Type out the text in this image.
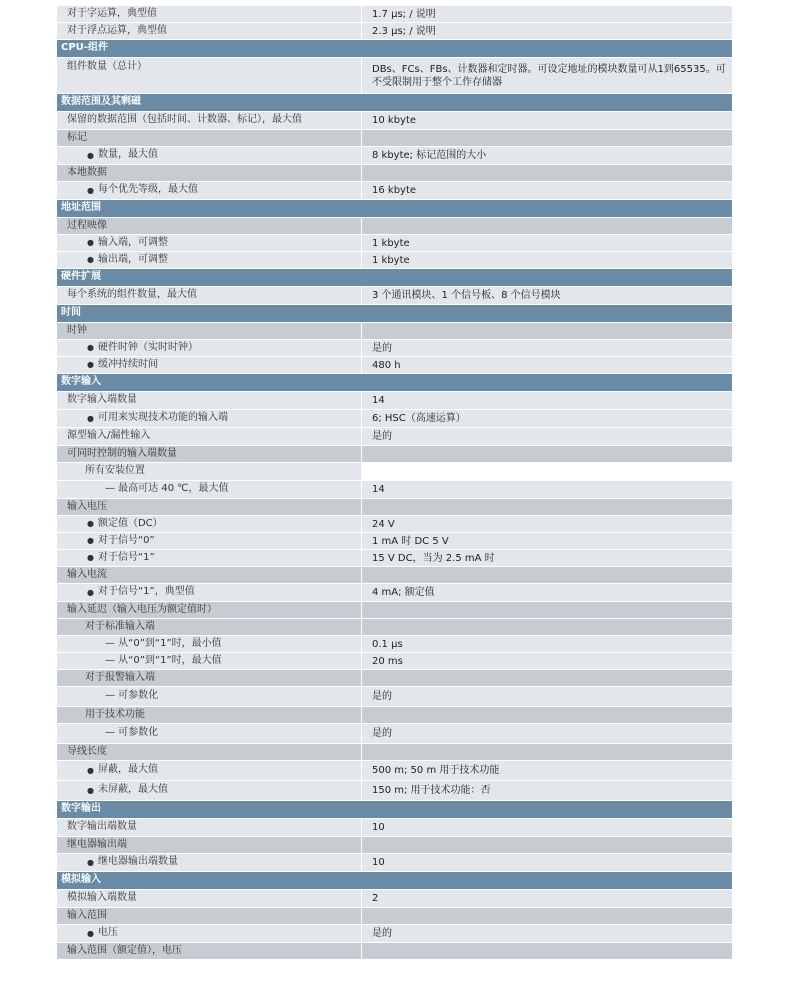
对于字运算，典型值	1.7 µs; / 说明
对于浮点运算，典型值	2.3 µs; / 说明
CPU-组件
组件数量（总计）	DBs、FCs、FBs、计数器和定时器。可设定地址的模块数量可从1到65535。可不受限制用于整个工作存储器
数据范围及其剩磁
保留的数据范围（包括时间、计数器、标记），最大值	10 kbyte
标记
● 数量，最大值	8 kbyte; 标记范围的大小
本地数据
● 每个优先等级，最大值	16 kbyte
地址范围
过程映像
● 输入端，可调整	1 kbyte
● 输出端，可调整	1 kbyte
硬件扩展
每个系统的组件数量，最大值	3 个通讯模块、1 个信号板、8 个信号模块
时间
时钟
● 硬件时钟（实时时钟）	是的
● 缓冲持续时间	480 h
数字输入
数字输入端数量	14
● 可用来实现技术功能的输入端	6; HSC（高速运算）
源型输入/漏性输入	是的
可同时控制的输入端数量
所有安装位置
— 最高可达 40 ℃，最大值	14
输入电压
● 额定值（DC）	24 V
● 对于信号“0”	1 mA 时 DC 5 V
● 对于信号“1”	15 V DC，当为 2.5 mA 时
输入电流
● 对于信号“1”，典型值	4 mA; 额定值
输入延迟（输入电压为额定值时）
对于标准输入端
— 从“0”到“1”时，最小值	0.1 µs
— 从“0”到“1”时，最大值	20 ms
对于报警输入端
— 可参数化	是的
用于技术功能
— 可参数化	是的
导线长度
● 屏蔽，最大值	500 m; 50 m 用于技术功能
● 未屏蔽，最大值	150 m; 用于技术功能：否
数字输出
数字输出端数量	10
继电器输出端
● 继电器输出端数量	10
模拟输入
模拟输入端数量	2
输入范围
● 电压	是的
输入范围（额定值），电压
